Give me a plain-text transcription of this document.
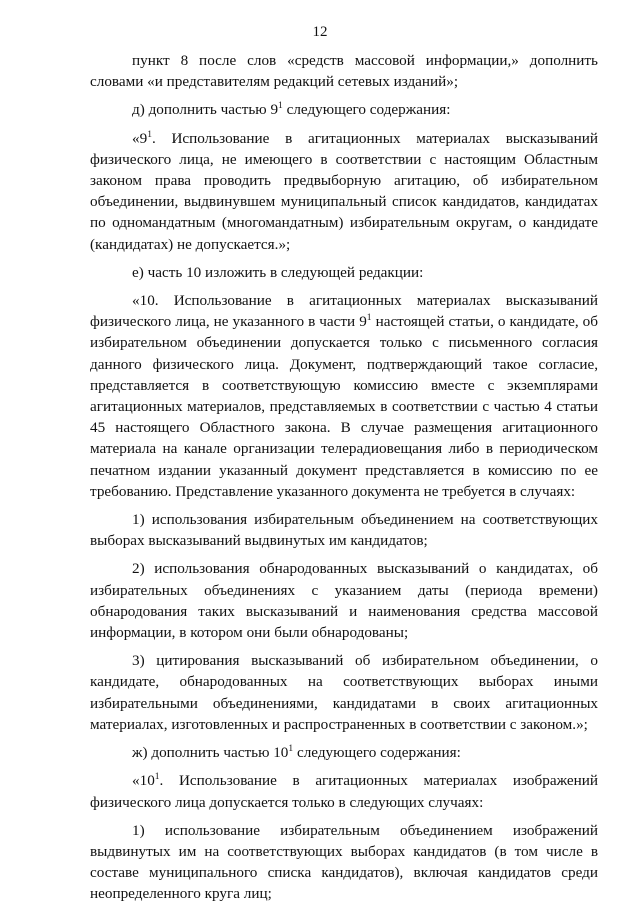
12

пункт 8 после слов «средств массовой информации,» дополнить словами «и представителям редакций сетевых изданий»;

д) дополнить частью $9^1$ следующего содержания:

«$9^1$. Использование в агитационных материалах высказываний физического лица, не имеющего в соответствии с настоящим Областным законом права проводить предвыборную агитацию, об избирательном объединении, выдвинувшем муниципальный список кандидатов, кандидатах по одномандатным (многомандатным) избирательным округам, о кандидате (кандидатах) не допускается.»;

е) часть 10 изложить в следующей редакции:

«10. Использование в агитационных материалах высказываний физического лица, не указанного в части $9^1$ настоящей статьи, о кандидате, об избирательном объединении допускается только с письменного согласия данного физического лица. Документ, подтверждающий такое согласие, представляется в соответствующую комиссию вместе с экземплярами агитационных материалов, представляемых в соответствии с частью 4 статьи 45 настоящего Областного закона. В случае размещения агитационного материала на канале организации телерадиовещания либо в периодическом печатном издании указанный документ представляется в комиссию по ее требованию. Представление указанного документа не требуется в случаях:

1) использования избирательным объединением на соответствующих выборах высказываний выдвинутых им кандидатов;

2) использования обнародованных высказываний о кандидатах, об избирательных объединениях с указанием даты (периода времени) обнародования таких высказываний и наименования средства массовой информации, в котором они были обнародованы;

3) цитирования высказываний об избирательном объединении, о кандидате, обнародованных на соответствующих выборах иными избирательными объединениями, кандидатами в своих агитационных материалах, изготовленных и распространенных в соответствии с законом.»;

ж) дополнить частью $10^1$ следующего содержания:

«$10^1$. Использование в агитационных материалах изображений физического лица допускается только в следующих случаях:

1) использование избирательным объединением изображений выдвинутых им на соответствующих выборах кандидатов (в том числе в составе муниципального списка кандидатов), включая кандидатов среди неопределенного круга лиц;
